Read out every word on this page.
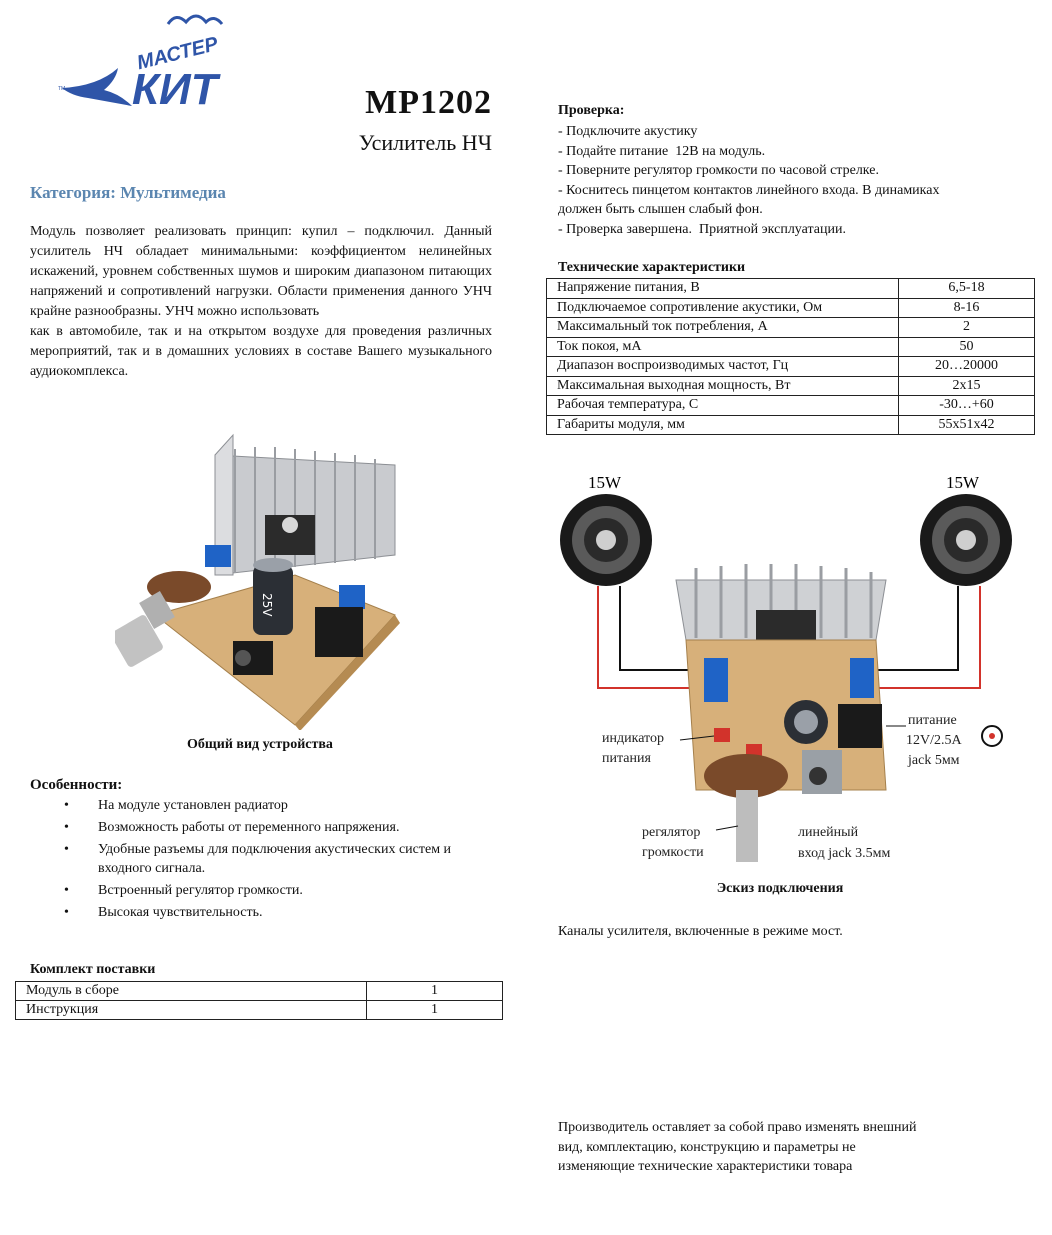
МАСТЕР
КИТ
TM	MP1202
Усилитель НЧ
Категория: Мультимедиа

Модуль позволяет реализовать принцип: купил – подключил. Данный усилитель НЧ обладает минимальными: коэффициентом нелинейных искажений, уровнем собственных шумов и широким диапазоном питающих напряжений и сопротивлений нагрузки. Области применения данного УНЧ крайне разнообразны. УНЧ можно использовать

как в автомобиле, так и на открытом воздухе для проведения различных мероприятий, так и в домашних условиях в составе Вашего музыкального аудиокомплекса.

25V
Общий вид устройства
Особенности:
• На модуле установлен радиатор
• Возможность работы от переменного напряжения.
• Удобные разъемы для подключения акустических систем и входного сигнала.
• Встроенный регулятор громкости.
• Высокая чувствительность.
Комплект поставки
Модуль в сборе	1
Инструкция	1
Проверка:
- Подключите акустику
- Подайте питание  12В на модуль.
- Поверните регулятор громкости по часовой стрелке.
- Коснитесь пинцетом контактов линейного входа. В динамиках должен быть слышен слабый фон.
- Проверка завершена.  Приятной эксплуатации.
Технические характеристики
Напряжение питания, В	6,5-18
Подключаемое сопротивление акустики, Ом	8-16
Максимальный ток потребления, А	2
Ток покоя, мА	50
Диапазон воспроизводимых частот, Гц	20…20000
Максимальная выходная мощность, Вт	2х15
Рабочая температура, С	-30…+60
Габариты модуля, мм	55х51х42
15W	15W
индикатор питания
питание 12V/2.5A jack 5мм
регялятор громкости
линейный вход jack 3.5мм
Эскиз подключения
Каналы усилителя, включенные в режиме мост.
Производитель оставляет за собой право изменять внешний
вид, комплектацию, конструкцию и параметры не
изменяющие технические характеристики товара
